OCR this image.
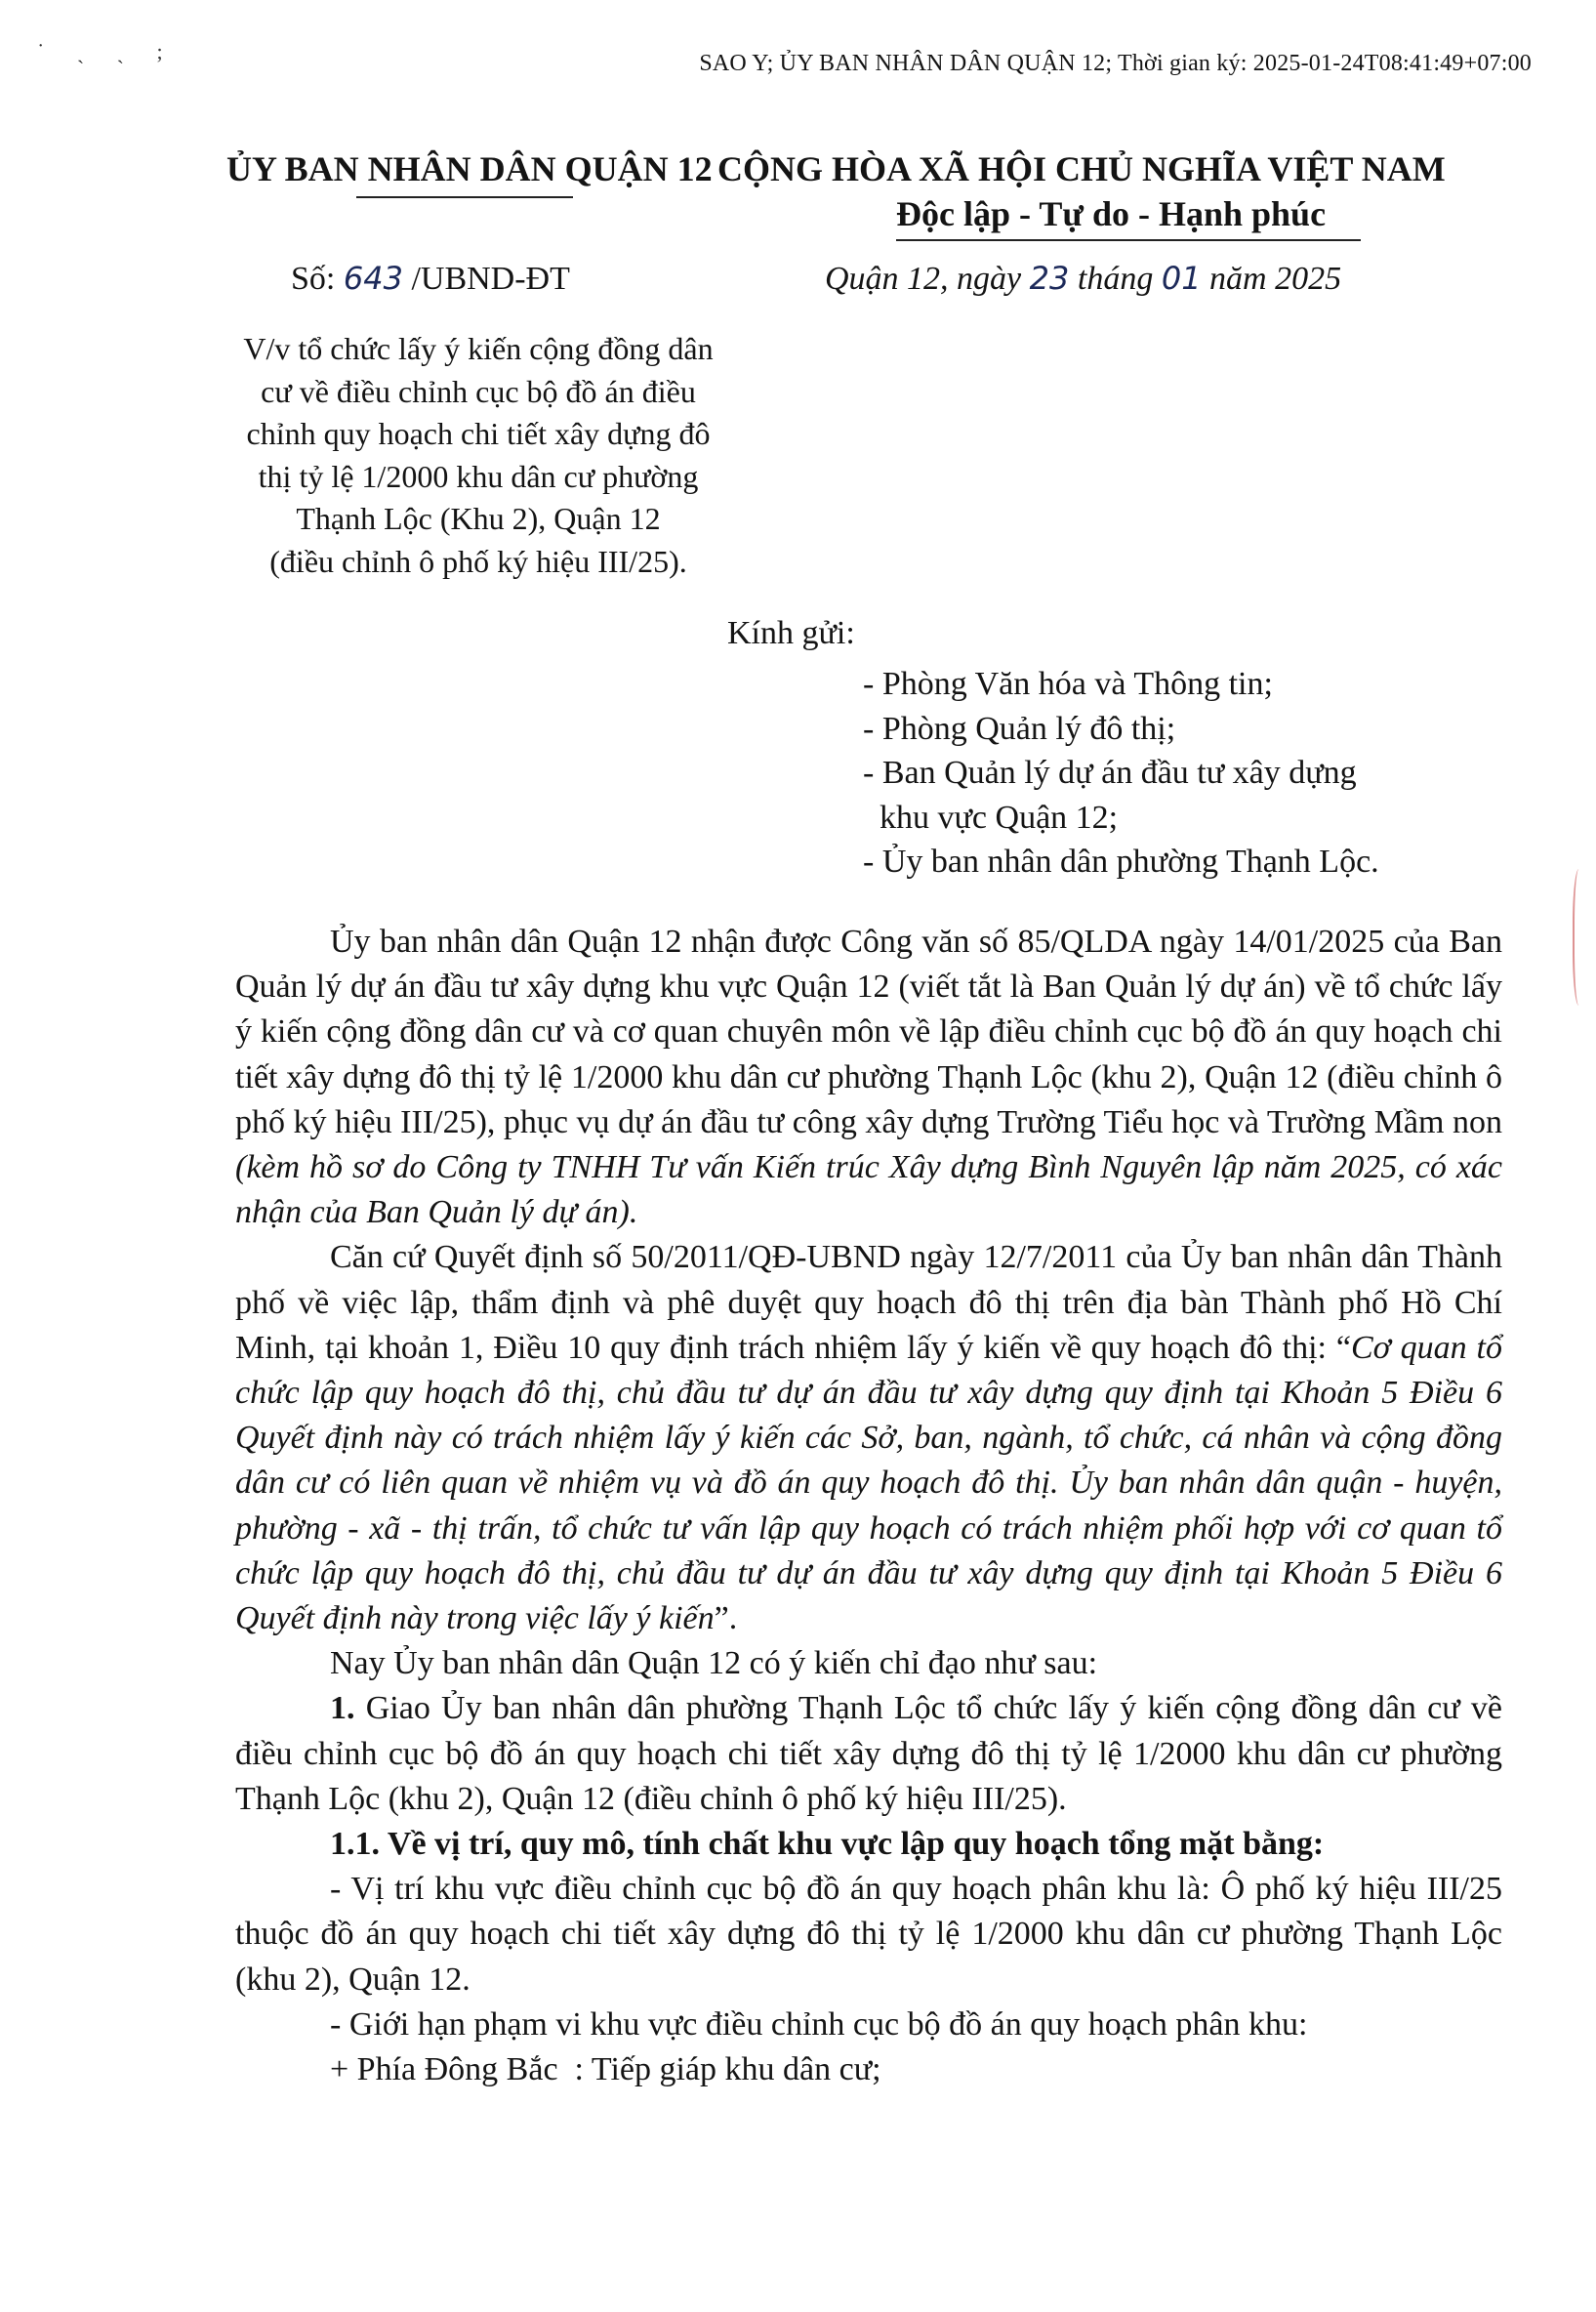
˙ ˎ ˏ ;	SAO Y; ỦY BAN NHÂN DÂN QUẬN 12; Thời gian ký: 2025-01-24T08:41:49+07:00
ỦY BAN NHÂN DÂN QUẬN 12 CỘNG HÒA XÃ HỘI CHỦ NGHĨA VIỆT NAM
Độc lập - Tự do - Hạnh phúc
Số: 643 /UBND-ĐT	Quận 12, ngày 23 tháng 01 năm 2025
V/v tổ chức lấy ý kiến cộng đồng dân
cư về điều chỉnh cục bộ đồ án điều
chỉnh quy hoạch chi tiết xây dựng đô
thị tỷ lệ 1/2000 khu dân cư phường
Thạnh Lộc (Khu 2), Quận 12
(điều chỉnh ô phố ký hiệu III/25).
Kính gửi:
- Phòng Văn hóa và Thông tin;
- Phòng Quản lý đô thị;
- Ban Quản lý dự án đầu tư xây dựng
khu vực Quận 12;
- Ủy ban nhân dân phường Thạnh Lộc.

Ủy ban nhân dân Quận 12 nhận được Công văn số 85/QLDA ngày 14/01/2025 của Ban Quản lý dự án đầu tư xây dựng khu vực Quận 12 (viết tắt là Ban Quản lý dự án) về tổ chức lấy ý kiến cộng đồng dân cư và cơ quan chuyên môn về lập điều chỉnh cục bộ đồ án quy hoạch chi tiết xây dựng đô thị tỷ lệ 1/2000 khu dân cư phường Thạnh Lộc (khu 2), Quận 12 (điều chỉnh ô phố ký hiệu III/25), phục vụ dự án đầu tư công xây dựng Trường Tiểu học và Trường Mầm non (kèm hồ sơ do Công ty TNHH Tư vấn Kiến trúc Xây dựng Bình Nguyên lập năm 2025, có xác nhận của Ban Quản lý dự án).

Căn cứ Quyết định số 50/2011/QĐ-UBND ngày 12/7/2011 của Ủy ban nhân dân Thành phố về việc lập, thẩm định và phê duyệt quy hoạch đô thị trên địa bàn Thành phố Hồ Chí Minh, tại khoản 1, Điều 10 quy định trách nhiệm lấy ý kiến về quy hoạch đô thị: “Cơ quan tổ chức lập quy hoạch đô thị, chủ đầu tư dự án đầu tư xây dựng quy định tại Khoản 5 Điều 6 Quyết định này có trách nhiệm lấy ý kiến các Sở, ban, ngành, tổ chức, cá nhân và cộng đồng dân cư có liên quan về nhiệm vụ và đồ án quy hoạch đô thị. Ủy ban nhân dân quận - huyện, phường - xã - thị trấn, tổ chức tư vấn lập quy hoạch có trách nhiệm phối hợp với cơ quan tổ chức lập quy hoạch đô thị, chủ đầu tư dự án đầu tư xây dựng quy định tại Khoản 5 Điều 6 Quyết định này trong việc lấy ý kiến”.

Nay Ủy ban nhân dân Quận 12 có ý kiến chỉ đạo như sau:

1. Giao Ủy ban nhân dân phường Thạnh Lộc tổ chức lấy ý kiến cộng đồng dân cư về điều chỉnh cục bộ đồ án quy hoạch chi tiết xây dựng đô thị tỷ lệ 1/2000 khu dân cư phường Thạnh Lộc (khu 2), Quận 12 (điều chỉnh ô phố ký hiệu III/25).

1.1. Về vị trí, quy mô, tính chất khu vực lập quy hoạch tổng mặt bằng:

- Vị trí khu vực điều chỉnh cục bộ đồ án quy hoạch phân khu là: Ô phố ký hiệu III/25 thuộc đồ án quy hoạch chi tiết xây dựng đô thị tỷ lệ 1/2000 khu dân cư phường Thạnh Lộc (khu 2), Quận 12.

- Giới hạn phạm vi khu vực điều chỉnh cục bộ đồ án quy hoạch phân khu:

+ Phía Đông Bắc  : Tiếp giáp khu dân cư;
